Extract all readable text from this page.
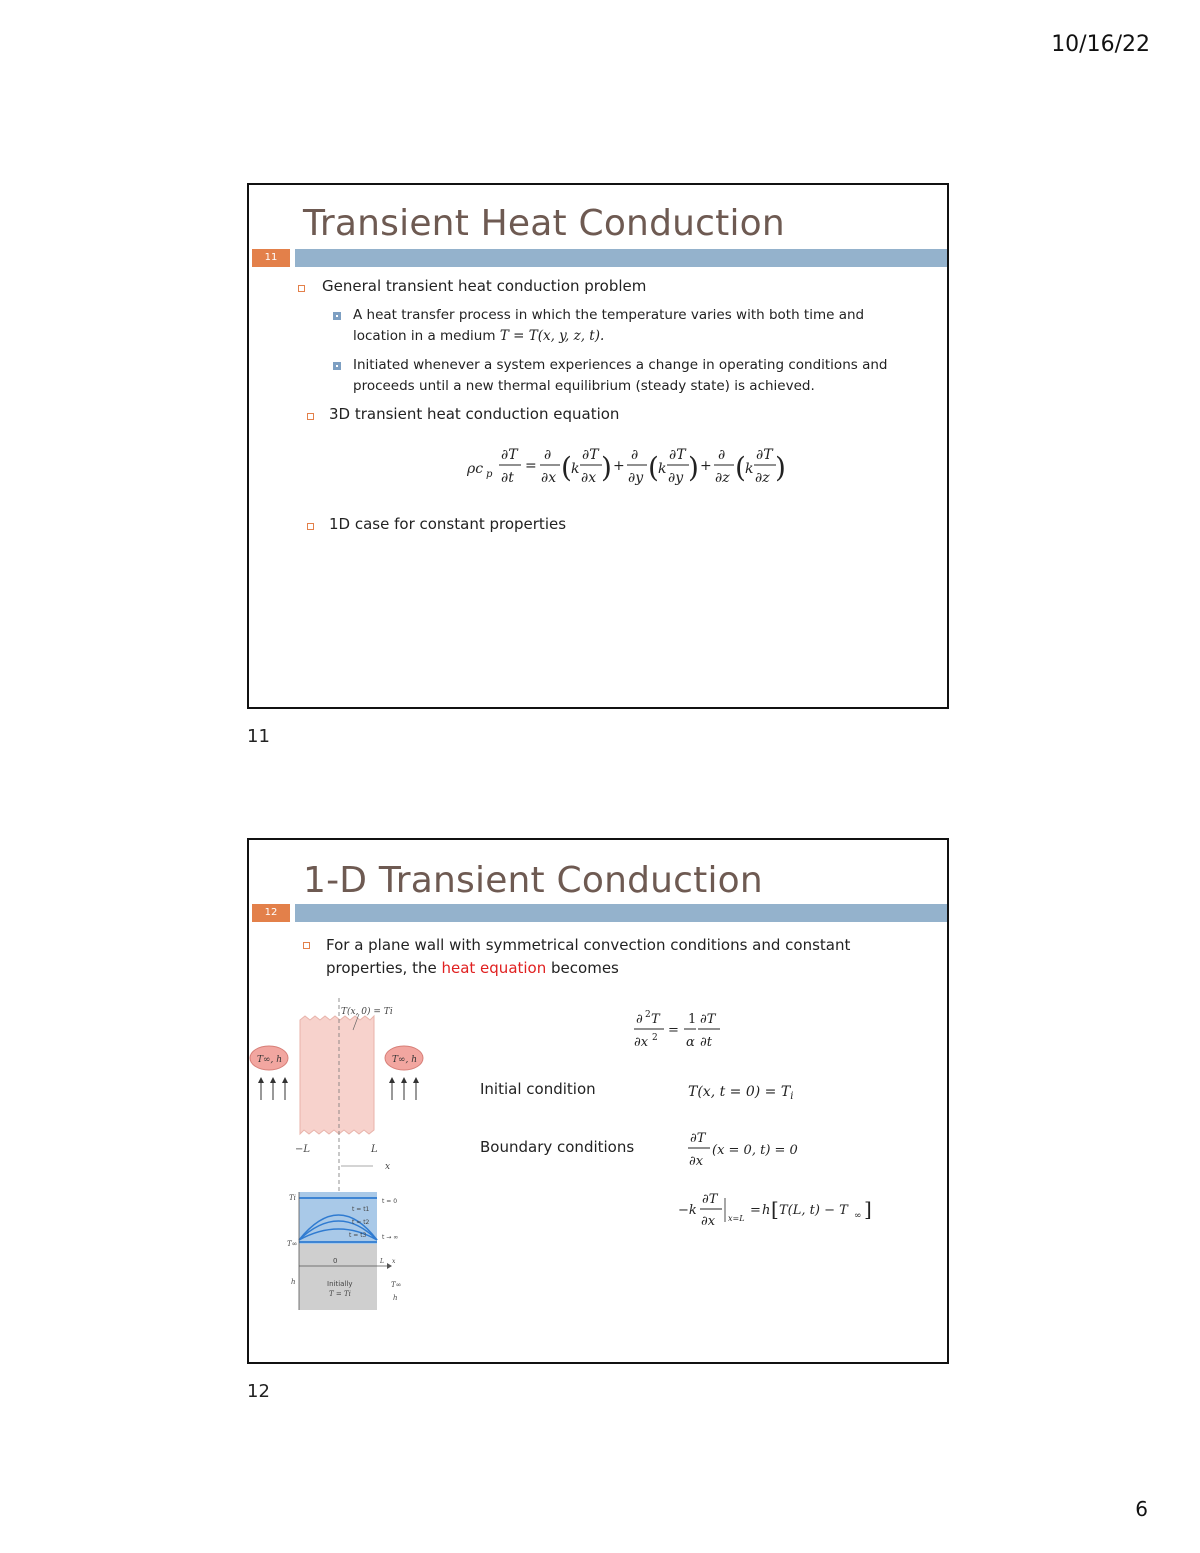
10/16/22
Transient Heat Conduction
11
General transient heat conduction problem
A heat transfer process in which the temperature varies with both time and
location in a medium T = T(x, y, z, t).
Initiated whenever a system experiences a change in operating conditions and
proceeds until a new thermal equilibrium (steady state) is achieved.
3D transient heat conduction equation
ρc p
∂T
∂t
=
∂
∂x ( k
∂T
∂x ) +
∂
∂y ( k
∂T
∂y ) +
∂
∂z ( k
∂T
∂z )
1D case for constant properties
11
1-D Transient Conduction
12
For a plane wall with symmetrical convection conditions and constant
properties, the heat equation becomes
T(x, 0) = Ti
T∞, h	T∞, h
−L	L
x
Ti
T∞
h
t = 0
t = t1
t = t2
t = t3	t → ∞
0	L x
Initially
T = Ti
T∞
h
∂ 2 T
∂x 2 =
1
α
∂T
∂t
Initial condition	T(x, $t = 0) = T_i$
Boundary conditions	∂T
∂x
(x = 0, t) = 0
−k
∂T
∂x x=L
= h [ T(L, t) − T ∞ ]
12
6
